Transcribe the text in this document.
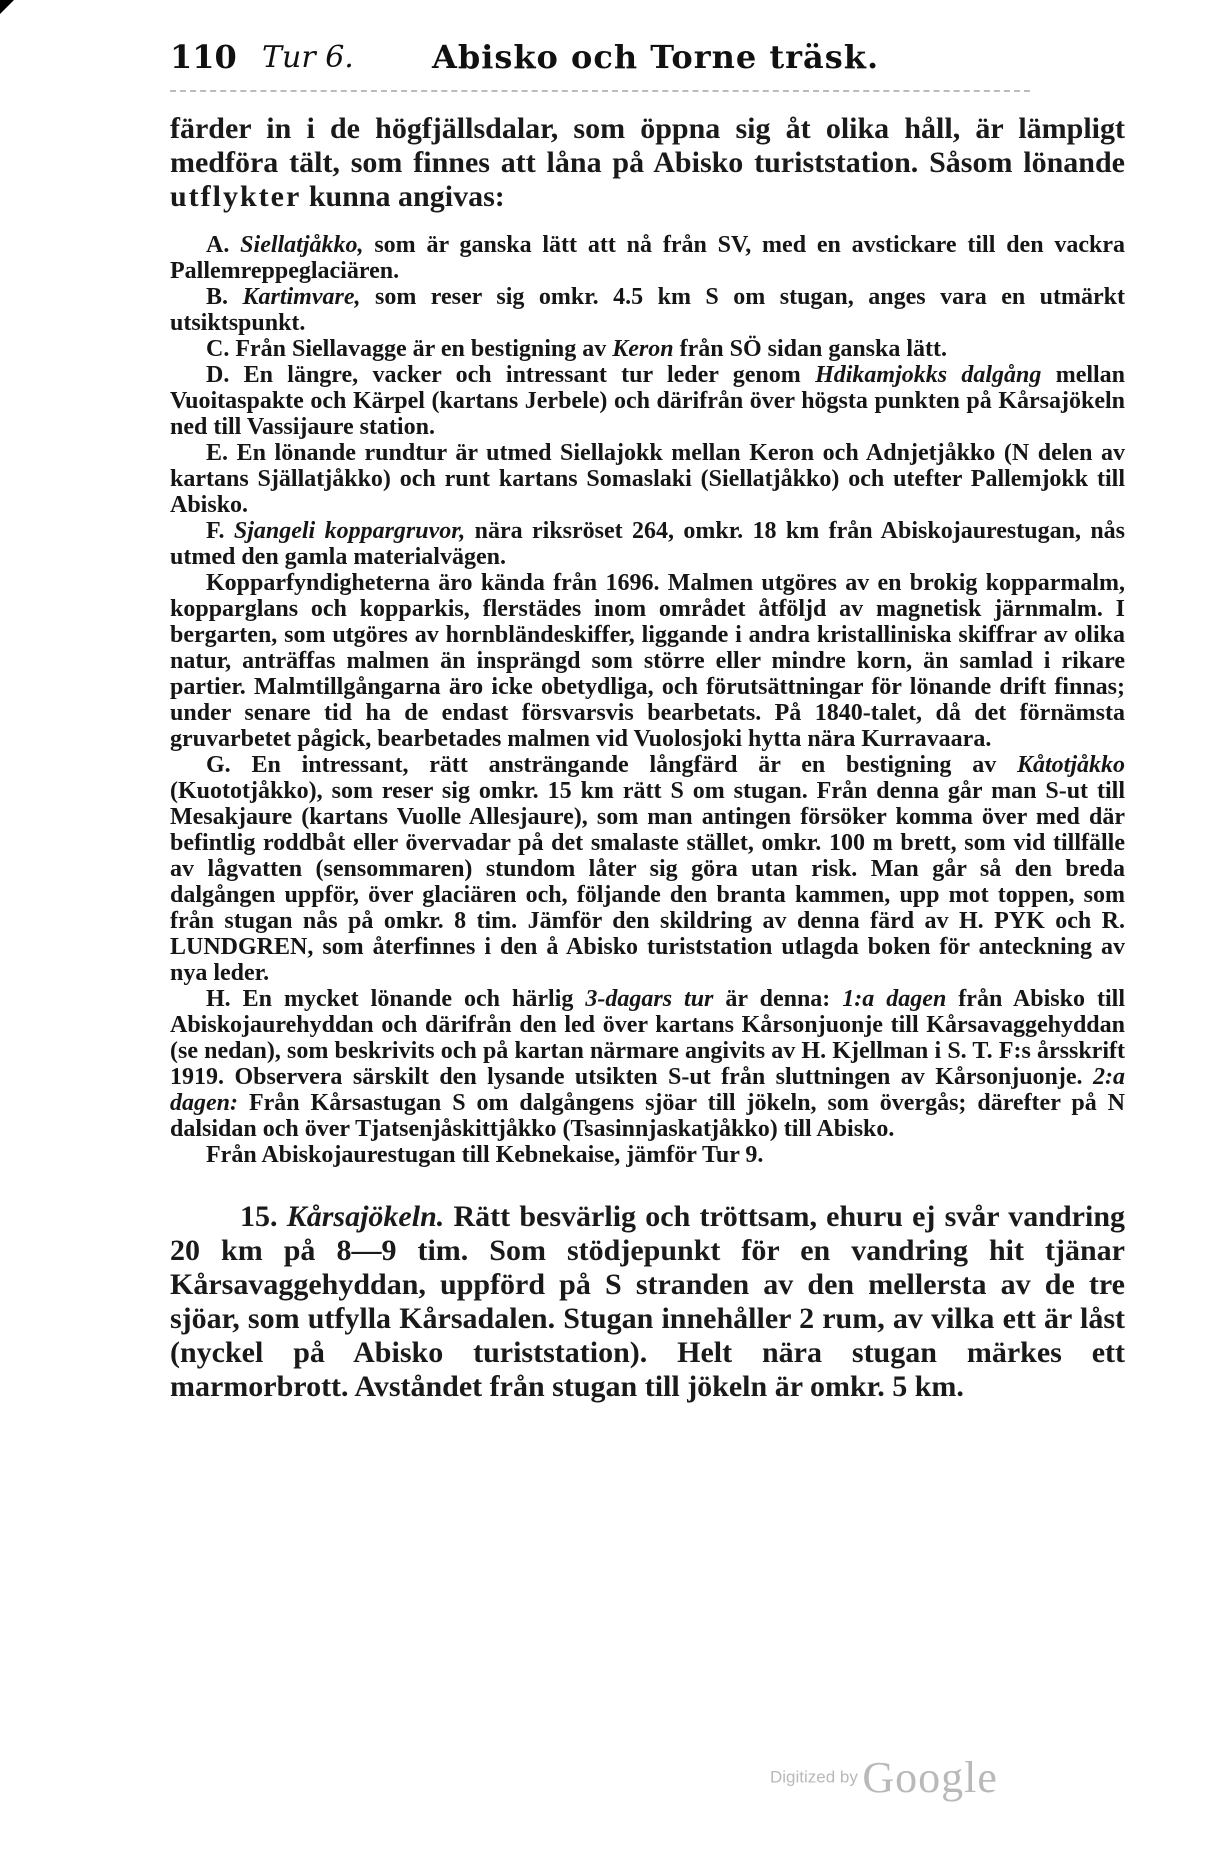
110 Tur 6. Abisko och Torne träsk.

färder in i de högfjällsdalar, som öppna sig åt olika håll, är lämpligt medföra tält, som finnes att låna på Abisko turiststation. Såsom lönande utflykter kunna angivas:

A. Siellatjåkko, som är ganska lätt att nå från SV, med en avstickare till den vackra Pallemreppeglaciären.

B. Kartimvare, som reser sig omkr. 4.5 km S om stugan, anges vara en utmärkt utsiktspunkt.

C. Från Siellavagge är en bestigning av Keron från SÖ sidan ganska lätt.

D. En längre, vacker och intressant tur leder genom Hdikamjokks dalgång mellan Vuoitaspakte och Kärpel (kartans Jerbele) och därifrån över högsta punkten på Kårsajökeln ned till Vassijaure station.

E. En lönande rundtur är utmed Siellajokk mellan Keron och Adnjetjåkko (N delen av kartans Själlatjåkko) och runt kartans Somaslaki (Siellatjåkko) och utefter Pallemjokk till Abisko.

F. Sjangeli koppargruvor, nära riksröset 264, omkr. 18 km från Abiskojaurestugan, nås utmed den gamla materialvägen.

Kopparfyndigheterna äro kända från 1696. Malmen utgöres av en brokig kopparmalm, kopparglans och kopparkis, flerstädes inom området åtföljd av magnetisk järnmalm. I bergarten, som utgöres av hornbländeskiffer, liggande i andra kristalliniska skiffrar av olika natur, anträffas malmen än insprängd som större eller mindre korn, än samlad i rikare partier. Malmtillgångarna äro icke obetydliga, och förutsättningar för lönande drift finnas; under senare tid ha de endast försvarsvis bearbetats. På 1840-talet, då det förnämsta gruvarbetet pågick, bearbetades malmen vid Vuolosjoki hytta nära Kurravaara.

G. En intressant, rätt ansträngande långfärd är en bestigning av Kåtotjåkko (Kuototjåkko), som reser sig omkr. 15 km rätt S om stugan. Från denna går man S-ut till Mesakjaure (kartans Vuolle Allesjaure), som man antingen försöker komma över med där befintlig roddbåt eller övervadar på det smalaste stället, omkr. 100 m brett, som vid tillfälle av lågvatten (sensommaren) stundom låter sig göra utan risk. Man går så den breda dalgången uppför, över glaciären och, följande den branta kammen, upp mot toppen, som från stugan nås på omkr. 8 tim. Jämför den skildring av denna färd av H. PYK och R. LUNDGREN, som återfinnes i den å Abisko turiststation utlagda boken för anteckning av nya leder.

H. En mycket lönande och härlig 3-dagars tur är denna: 1:a dagen från Abisko till Abiskojaurehyddan och därifrån den led över kartans Kårsonjuonje till Kårsavaggehyddan (se nedan), som beskrivits och på kartan närmare angivits av H. Kjellman i S. T. F:s årsskrift 1919. Observera särskilt den lysande utsikten S-ut från sluttningen av Kårsonjuonje. 2:a dagen: Från Kårsastugan S om dalgångens sjöar till jökeln, som övergås; därefter på N dalsidan och över Tjatsenjåskittjåkko (Tsasinnjaskatjåkko) till Abisko.

Från Abiskojaurestugan till Kebnekaise, jämför Tur 9.

15. Kårsajökeln. Rätt besvärlig och tröttsam, ehuru ej svår vandring 20 km på 8—9 tim. Som stödjepunkt för en vandring hit tjänar Kårsavaggehyddan, uppförd på S stranden av den mellersta av de tre sjöar, som utfylla Kårsadalen. Stugan innehåller 2 rum, av vilka ett är låst (nyckel på Abisko turiststation). Helt nära stugan märkes ett marmorbrott. Avståndet från stugan till jökeln är omkr. 5 km.

Digitized by Google
